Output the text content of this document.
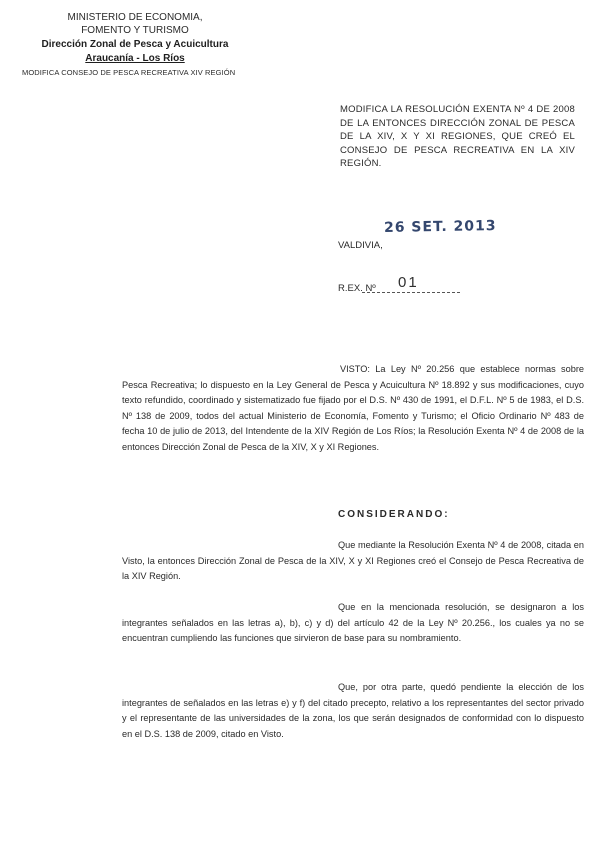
MINISTERIO DE ECONOMIA,
FOMENTO Y TURISMO
Dirección Zonal de Pesca y Acuicultura
Araucanía - Los Ríos
MODIFICA CONSEJO DE PESCA RECREATIVA XIV REGIÓN
MODIFICA LA RESOLUCIÓN EXENTA Nº 4 DE 2008 DE LA ENTONCES DIRECCIÓN ZONAL DE PESCA DE LA XIV, X Y XI REGIONES, QUE CREÓ EL CONSEJO DE PESCA RECREATIVA EN LA XIV REGIÓN.
26 SET. 2013
VALDIVIA,
R.EX. Nº 01
VISTO: La Ley Nº 20.256 que establece normas sobre Pesca Recreativa; lo dispuesto en la Ley General de Pesca y Acuicultura Nº 18.892 y sus modificaciones, cuyo texto refundido, coordinado y sistematizado fue fijado por el D.S. Nº 430 de 1991, el D.F.L. Nº 5 de 1983, el D.S. Nº 138 de 2009, todos del actual Ministerio de Economía, Fomento y Turismo; el Oficio Ordinario Nº 483 de fecha 10 de julio de 2013, del Intendente de la XIV Región de Los Ríos; la Resolución Exenta Nº 4 de 2008 de la entonces Dirección Zonal de Pesca de la XIV, X y XI Regiones.
CONSIDERANDO:
Que mediante la Resolución Exenta Nº 4 de 2008, citada en Visto, la entonces Dirección Zonal de Pesca de la XIV, X y XI Regiones creó el Consejo de Pesca Recreativa de la XIV Región.
Que en la mencionada resolución, se designaron a los integrantes señalados en las letras a), b), c) y d) del artículo 42 de la Ley Nº 20.256., los cuales ya no se encuentran cumpliendo las funciones que sirvieron de base para su nombramiento.
Que, por otra parte, quedó pendiente la elección de los integrantes de señalados en las letras e) y f) del citado precepto, relativo a los representantes del sector privado y el representante de las universidades de la zona, los que serán designados de conformidad con lo dispuesto en el D.S. 138 de 2009, citado en Visto.
